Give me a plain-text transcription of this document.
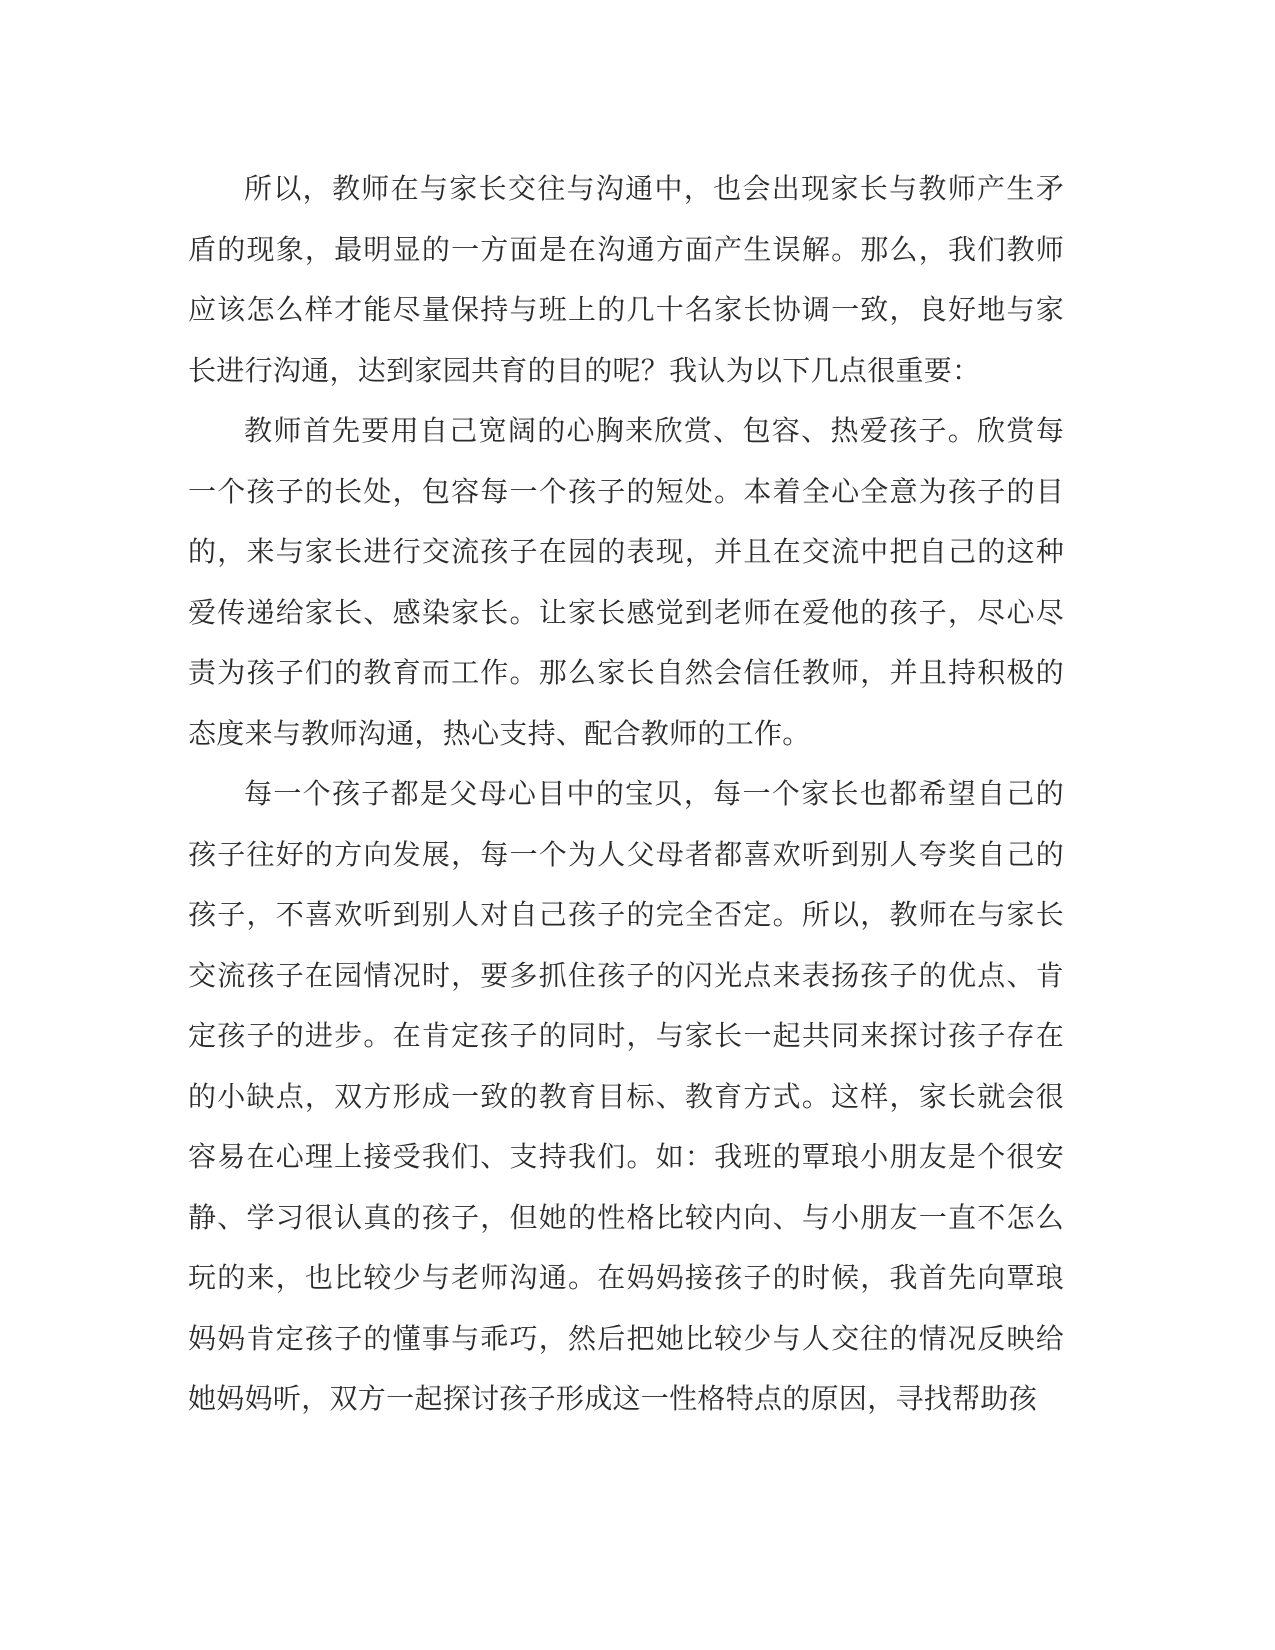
所以，教师在与家长交往与沟通中，也会出现家长与教师产生矛盾的现象，最明显的一方面是在沟通方面产生误解。那么，我们教师应该怎么样才能尽量保持与班上的几十名家长协调一致，良好地与家长进行沟通，达到家园共育的目的呢？我认为以下几点很重要：

教师首先要用自己宽阔的心胸来欣赏、包容、热爱孩子。欣赏每一个孩子的长处，包容每一个孩子的短处。本着全心全意为孩子的目的，来与家长进行交流孩子在园的表现，并且在交流中把自己的这种爱传递给家长、感染家长。让家长感觉到老师在爱他的孩子，尽心尽责为孩子们的教育而工作。那么家长自然会信任教师，并且持积极的态度来与教师沟通，热心支持、配合教师的工作。

每一个孩子都是父母心目中的宝贝，每一个家长也都希望自己的孩子往好的方向发展，每一个为人父母者都喜欢听到别人夸奖自己的孩子，不喜欢听到别人对自己孩子的完全否定。所以，教师在与家长交流孩子在园情况时，要多抓住孩子的闪光点来表扬孩子的优点、肯定孩子的进步。在肯定孩子的同时，与家长一起共同来探讨孩子存在的小缺点，双方形成一致的教育目标、教育方式。这样，家长就会很容易在心理上接受我们、支持我们。如：我班的覃琅小朋友是个很安静、学习很认真的孩子，但她的性格比较内向、与小朋友一直不怎么玩的来，也比较少与老师沟通。在妈妈接孩子的时候，我首先向覃琅妈妈肯定孩子的懂事与乖巧，然后把她比较少与人交往的情况反映给她妈妈听，双方一起探讨孩子形成这一性格特点的原因，寻找帮助孩
